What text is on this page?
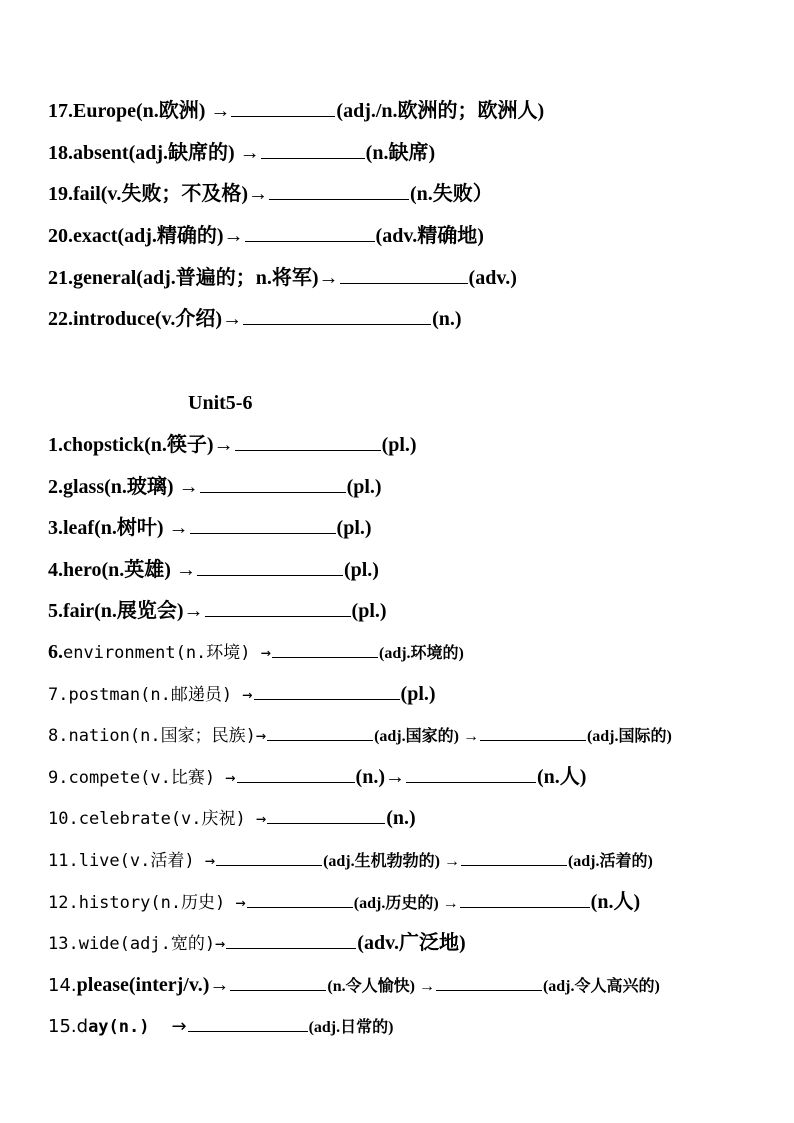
17.Europe(n.欧洲) →	(adj./n.欧洲的；欧洲人)
18.absent(adj.缺席的) →	(n.缺席)
19.fail(v.失败；不及格)→	(n.失败）
20.exact(adj.精确的)→	(adv.精确地)
21.general(adj.普遍的；n.将军)→	(adv.)
22.introduce(v.介绍)→	(n.)
Unit5-6
1.chopstick(n.筷子)→	(pl.)
2.glass(n.玻璃) →	(pl.)
3.leaf(n.树叶) →	(pl.)
4.hero(n.英雄) →	(pl.)
5.fair(n.展览会)→	(pl.)
6.environment(n.环境) →	(adj.环境的)
7.postman(n.邮递员) →	(pl.)
8.nation(n.国家；民族)→	(adj.国家的) →	(adj.国际的)
9.compete(v.比赛) →	(n.)→	(n.人)
10.celebrate(v.庆祝) →	(n.)
11.live(v.活着) →	(adj.生机勃勃的) →	(adj.活着的)
12.history(n.历史) →	(adj.历史的) →	(n.人)
13.wide(adj.宽的)→	(adv.广泛地)
14.please(interj/v.)→	(n.令人愉快) →	(adj.令人高兴的)
15.day(n.) →	(adj.日常的)
